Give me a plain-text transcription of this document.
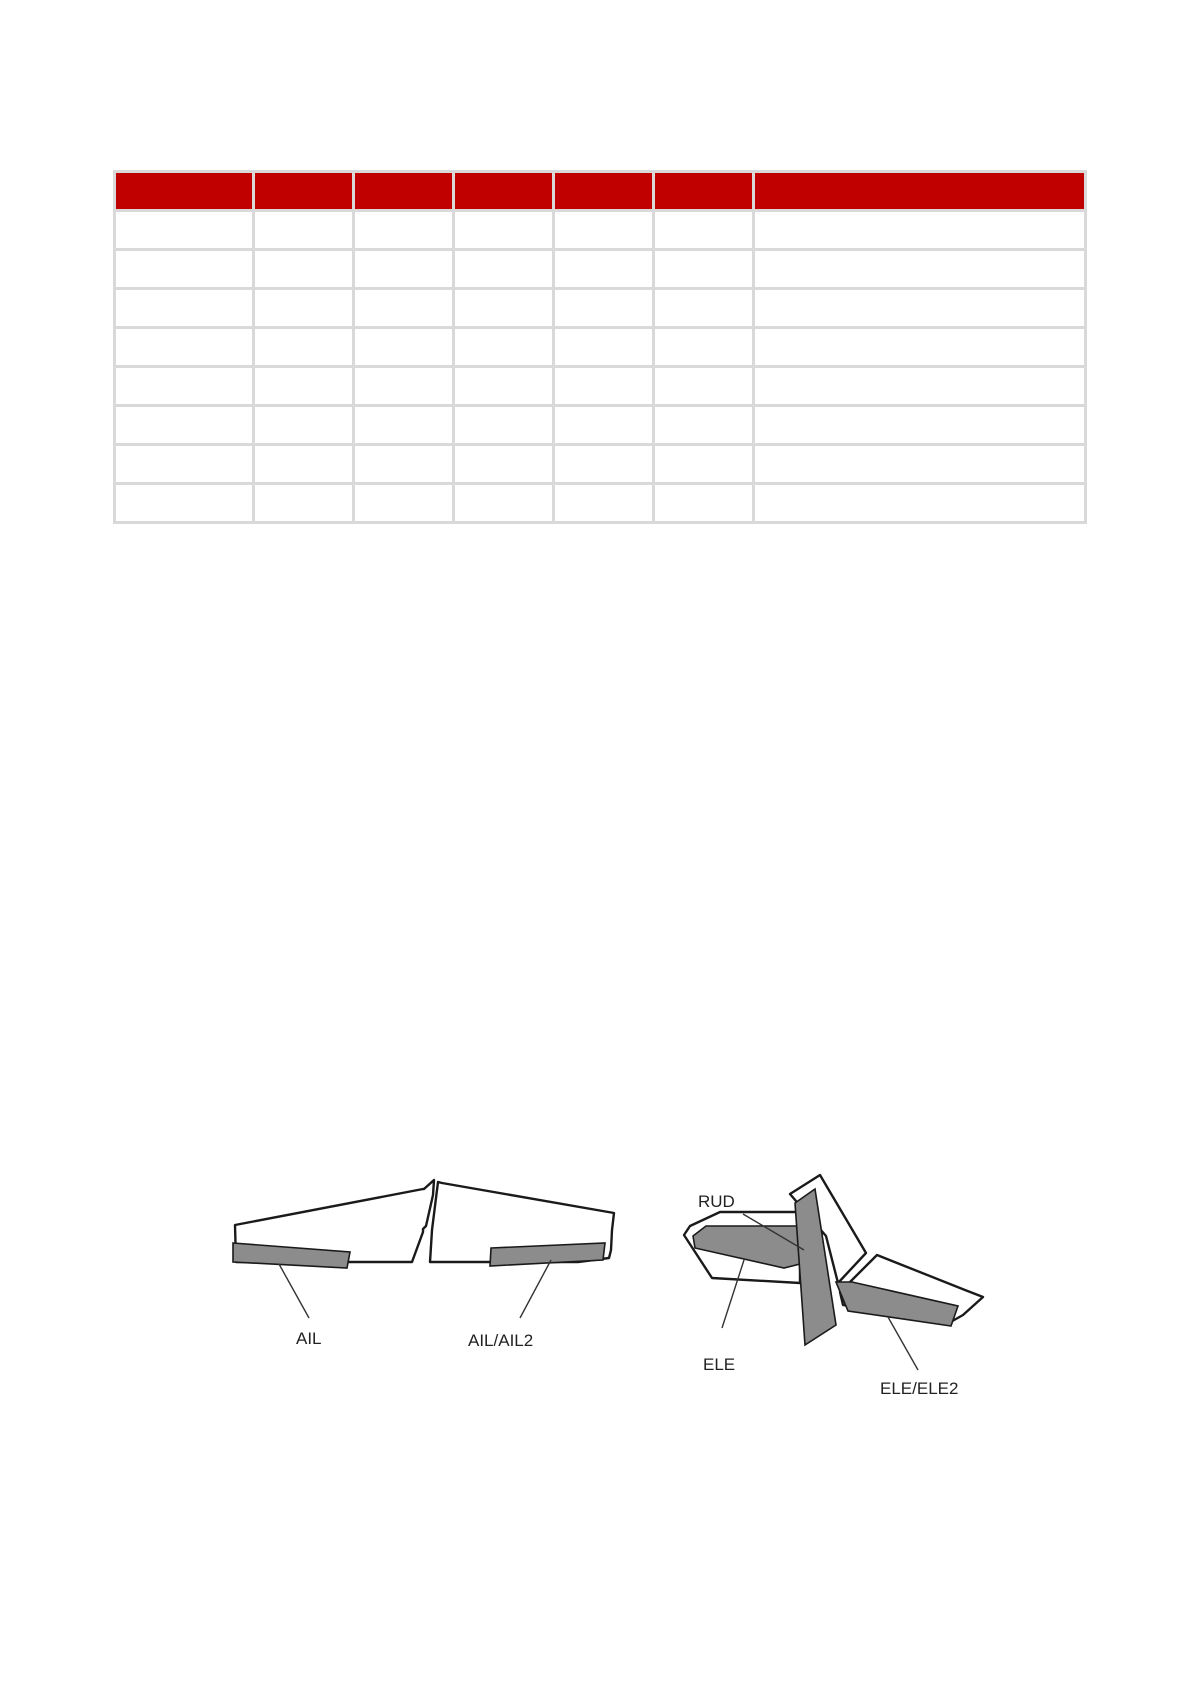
AIL	AIL/AIL2
RUD
ELE
ELE/ELE2
